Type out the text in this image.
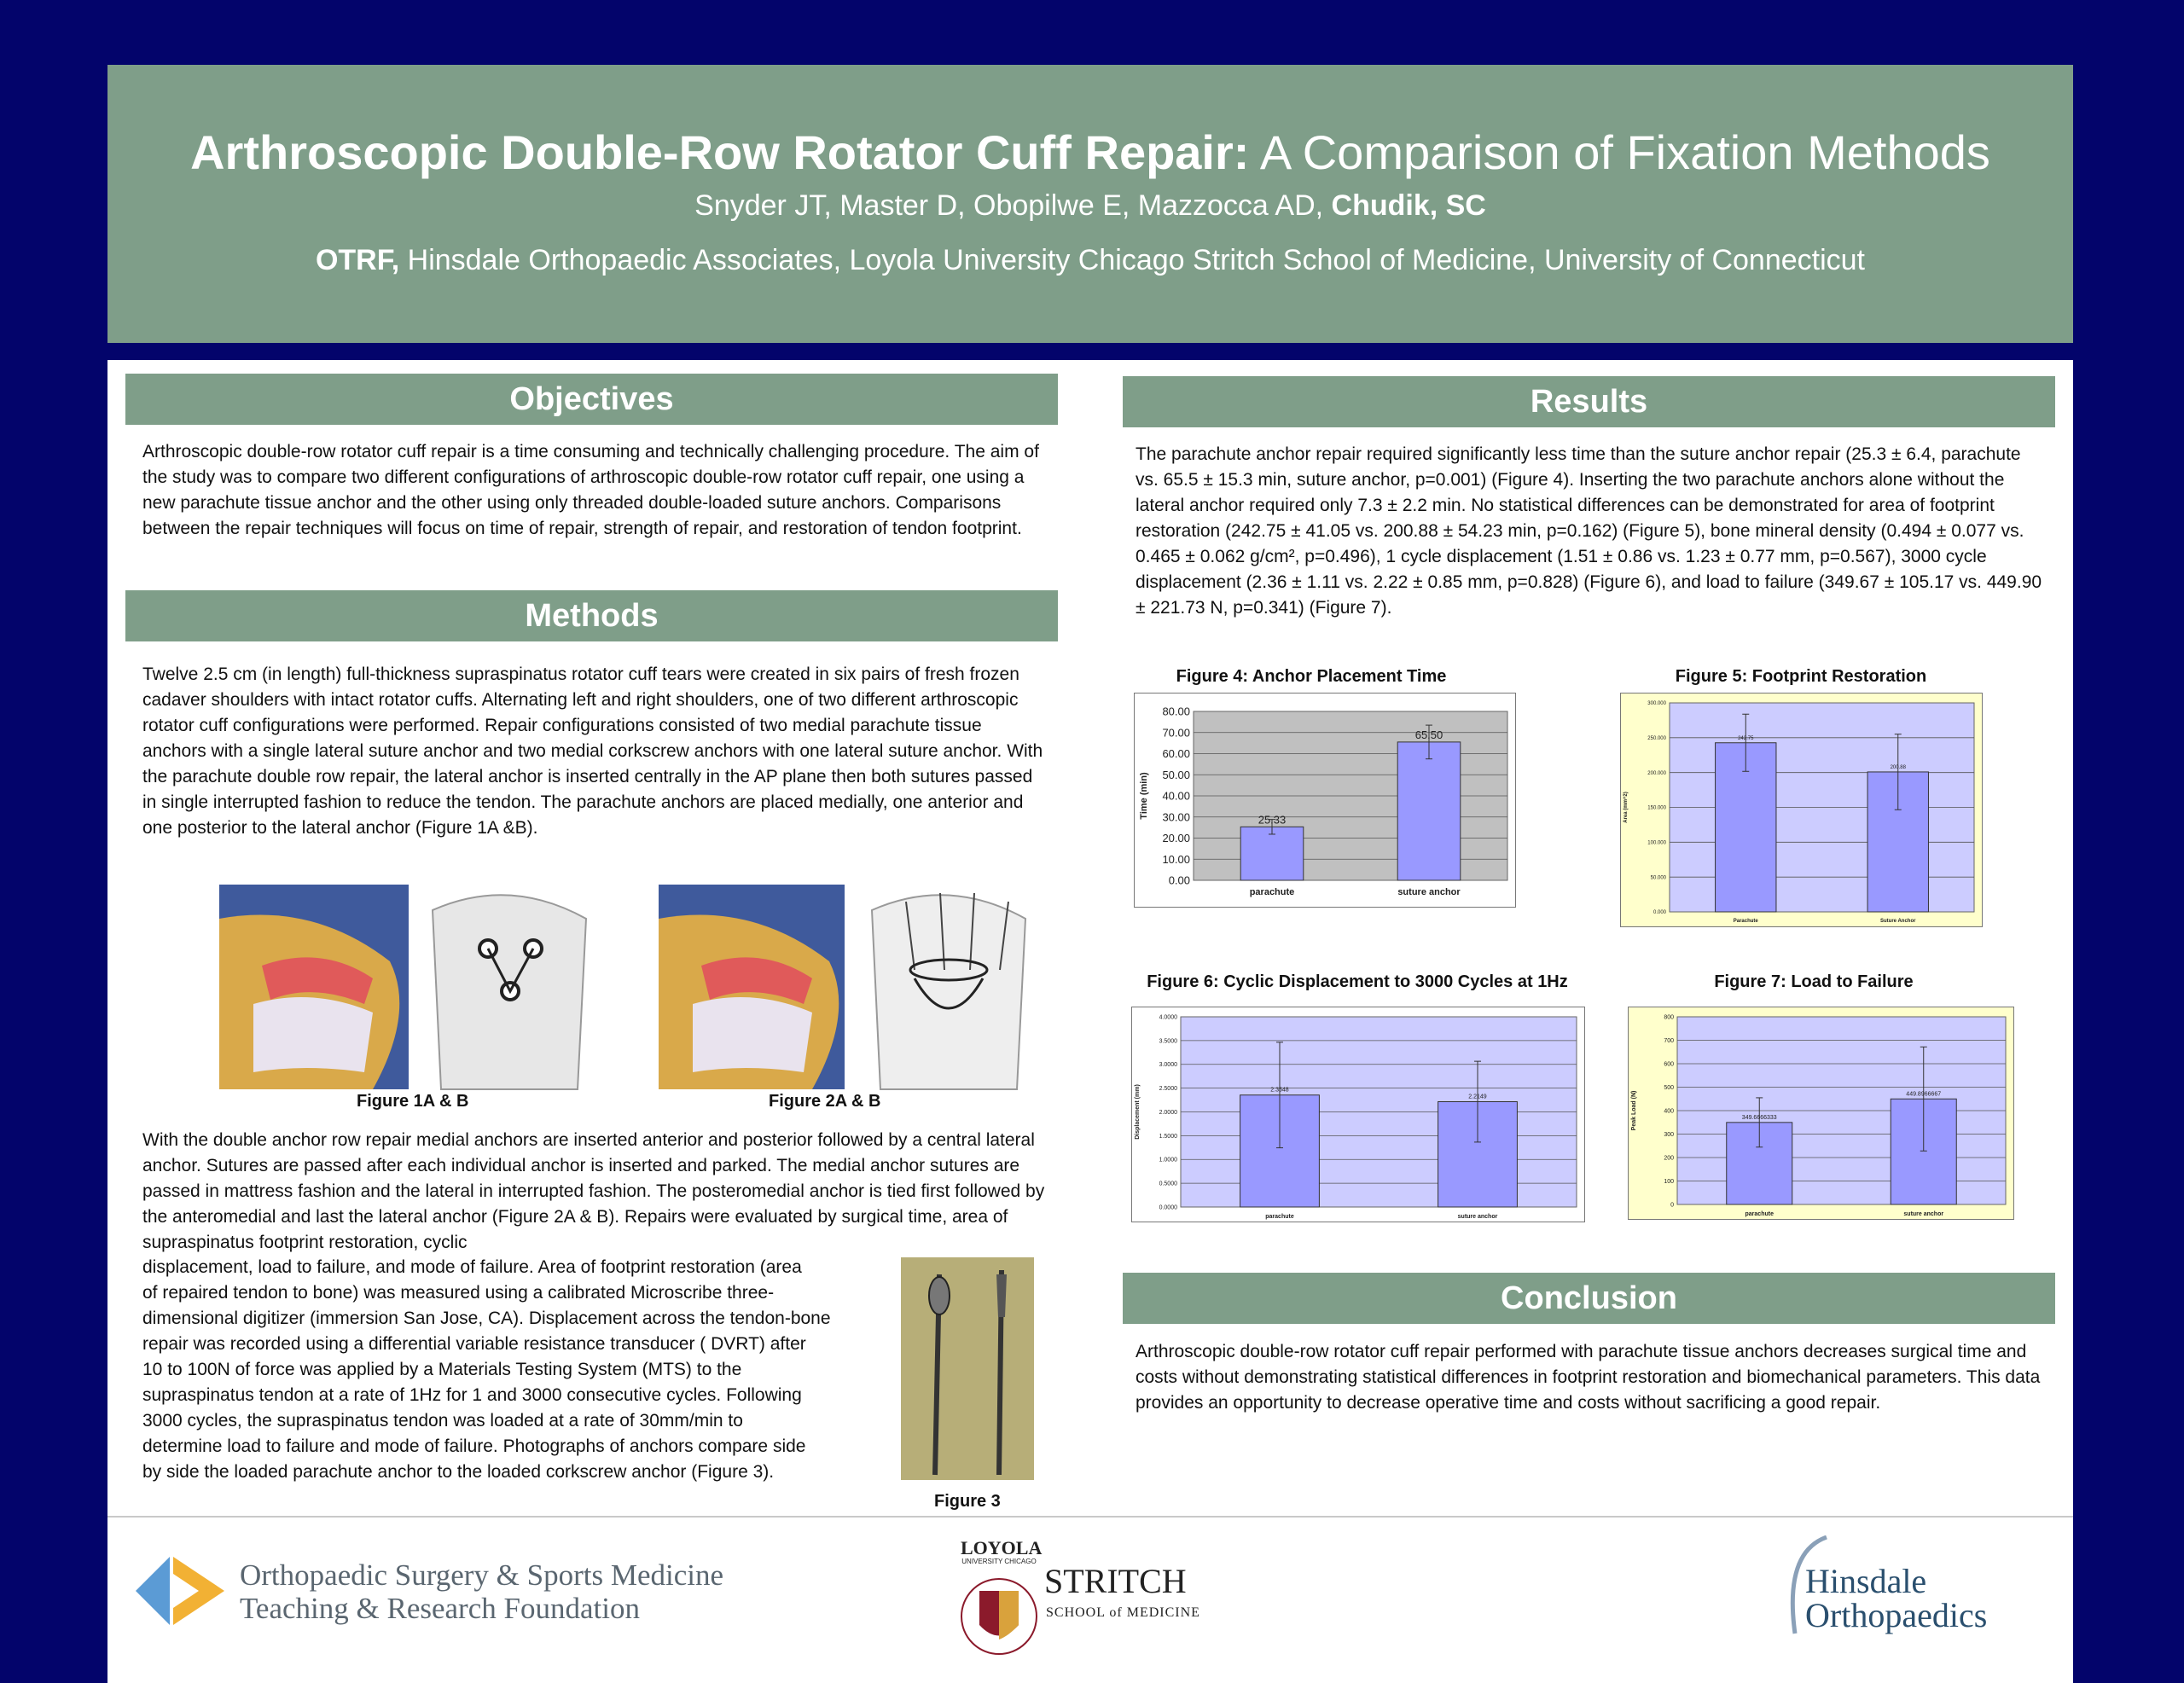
Arthroscopic Double-Row Rotator Cuff Repair: A Comparison of Fixation Methods
Snyder JT, Master D, Obopilwe E, Mazzocca AD, Chudik, SC
OTRF, Hinsdale Orthopaedic Associates, Loyola University Chicago Stritch School of Medicine, University of Connecticut
Objectives
Arthroscopic double-row rotator cuff repair is a time consuming and technically challenging procedure. The aim of the study was to compare two different configurations of arthroscopic double-row rotator cuff repair, one using a new parachute tissue anchor and the other using only threaded double-loaded suture anchors. Comparisons between the repair techniques will focus on time of repair, strength of repair, and restoration of tendon footprint.
Methods
Twelve 2.5 cm (in length) full-thickness supraspinatus rotator cuff tears were created in six pairs of fresh frozen cadaver shoulders with intact rotator cuffs. Alternating left and right shoulders, one of two different arthroscopic rotator cuff configurations were performed. Repair configurations consisted of two medial parachute tissue anchors with a single lateral suture anchor and two medial corkscrew anchors with one lateral suture anchor. With the parachute double row repair, the lateral anchor is inserted centrally in the AP plane then both sutures passed in single interrupted fashion to reduce the tendon. The parachute anchors are placed medially, one anterior and one posterior to the lateral anchor (Figure 1A &B).
Figure 1A & B	Figure 2A & B
With the double anchor row repair medial anchors are inserted anterior and posterior followed by a central lateral anchor. Sutures are passed after each individual anchor is inserted and parked. The medial anchor sutures are passed in mattress fashion and the lateral in interrupted fashion. The posteromedial anchor is tied first followed by the anteromedial and last the lateral anchor (Figure 2A & B). Repairs were evaluated by surgical time, area of supraspinatus footprint restoration, cyclic
displacement, load to failure, and mode of failure. Area of footprint restoration (area
of repaired tendon to bone) was measured using a calibrated Microscribe three-
dimensional digitizer (immersion San Jose, CA). Displacement across the tendon-bone
repair was recorded using a differential variable resistance transducer ( DVRT) after
10 to 100N of force was applied by a Materials Testing System (MTS) to the
supraspinatus tendon at a rate of 1Hz for 1 and 3000 consecutive cycles. Following
3000 cycles, the supraspinatus tendon was loaded at a rate of 30mm/min to
determine load to failure and mode of failure. Photographs of anchors compare side
by side the loaded parachute anchor to the loaded corkscrew anchor (Figure 3).
Figure 3
Results
The parachute anchor repair required significantly less time than the suture anchor repair (25.3 ± 6.4, parachute vs. 65.5 ± 15.3 min, suture anchor, p=0.001) (Figure 4). Inserting the two parachute anchors alone without the lateral anchor required only 7.3 ± 2.2 min. No statistical differences can be demonstrated for area of footprint restoration (242.75 ± 41.05 vs. 200.88 ± 54.23 min, p=0.162) (Figure 5), bone mineral density (0.494 ± 0.077 vs. 0.465 ± 0.062 g/cm², p=0.496), 1 cycle displacement (1.51 ± 0.86 vs. 1.23 ± 0.77 mm, p=0.567), 3000 cycle displacement (2.36 ± 1.11 vs. 2.22 ± 0.85 mm, p=0.828) (Figure 6), and load to failure (349.67 ± 105.17 vs. 449.90 ± 221.73 N, p=0.341) (Figure 7).
Figure 4: Anchor Placement Time
0.00
10.00
20.00
30.00
40.00
50.00
60.00
70.00
80.00
Time (min)
25.33
parachute
65.50
suture anchor
Figure 5: Footprint Restoration
0.000
50.000
100.000
150.000
200.000
250.000
300.000
Area (mm^2)
242.75
Parachute
200.88
Suture Anchor
Figure 6: Cyclic Displacement to 3000 Cycles at 1Hz
0.0000
0.5000
1.0000
1.5000
2.0000
2.5000
3.0000
3.5000
4.0000
Displacement (mm)	2.3548
parachute
2.2149
suture anchor
Figure 7: Load to Failure
0
100
200
300
400
500
600
700
800
Peak Load (N)	349.6666333
parachute
449.8966667
suture anchor
Conclusion
Arthroscopic double-row rotator cuff repair performed with parachute tissue anchors decreases surgical time and costs without demonstrating statistical differences in footprint restoration and biomechanical parameters. This data provides an opportunity to decrease operative time and costs without sacrificing a good repair.
Orthopaedic Surgery & Sports Medicine
Teaching & Research Foundation
LOYOLA
UNIVERSITY CHICAGO
STRITCH
SCHOOL of MEDICINE
Hinsdale
Orthopaedics
